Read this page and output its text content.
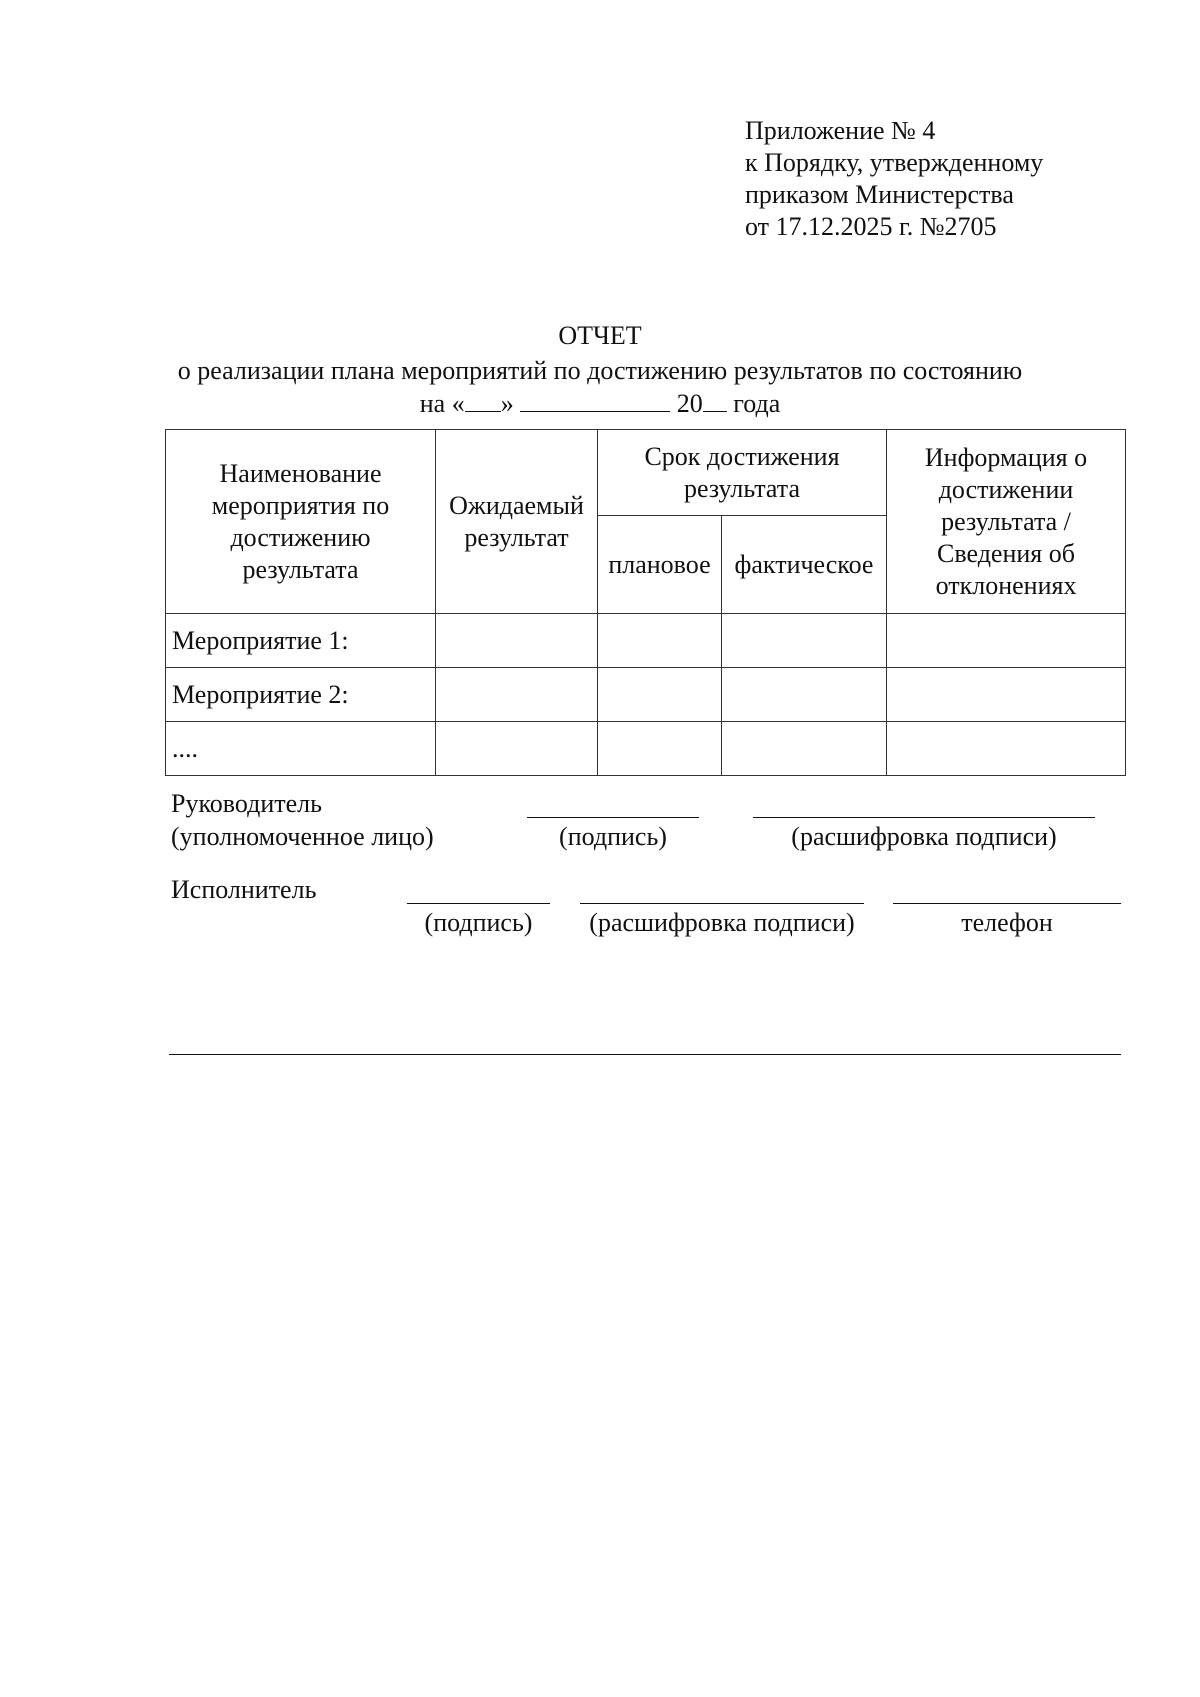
Приложение № 4
к Порядку, утвержденному
приказом Министерства
от 17.12.2025 г. №2705
ОТЧЕТ
о реализации плана мероприятий по достижению результатов по состоянию
на « »	20 года
Наименование мероприятия по достижению результата	Ожидаемый результат	Срок достижения результата		Информация о достижении результата / Сведения об отклонениях
		плановое	фактическое	
Мероприятие 1:				
Мероприятие 2:				
....				
Руководитель
(уполномоченное лицо)	(подпись)	(расшифровка подписи)
Исполнитель
(подпись)	(расшифровка подписи)	телефон
